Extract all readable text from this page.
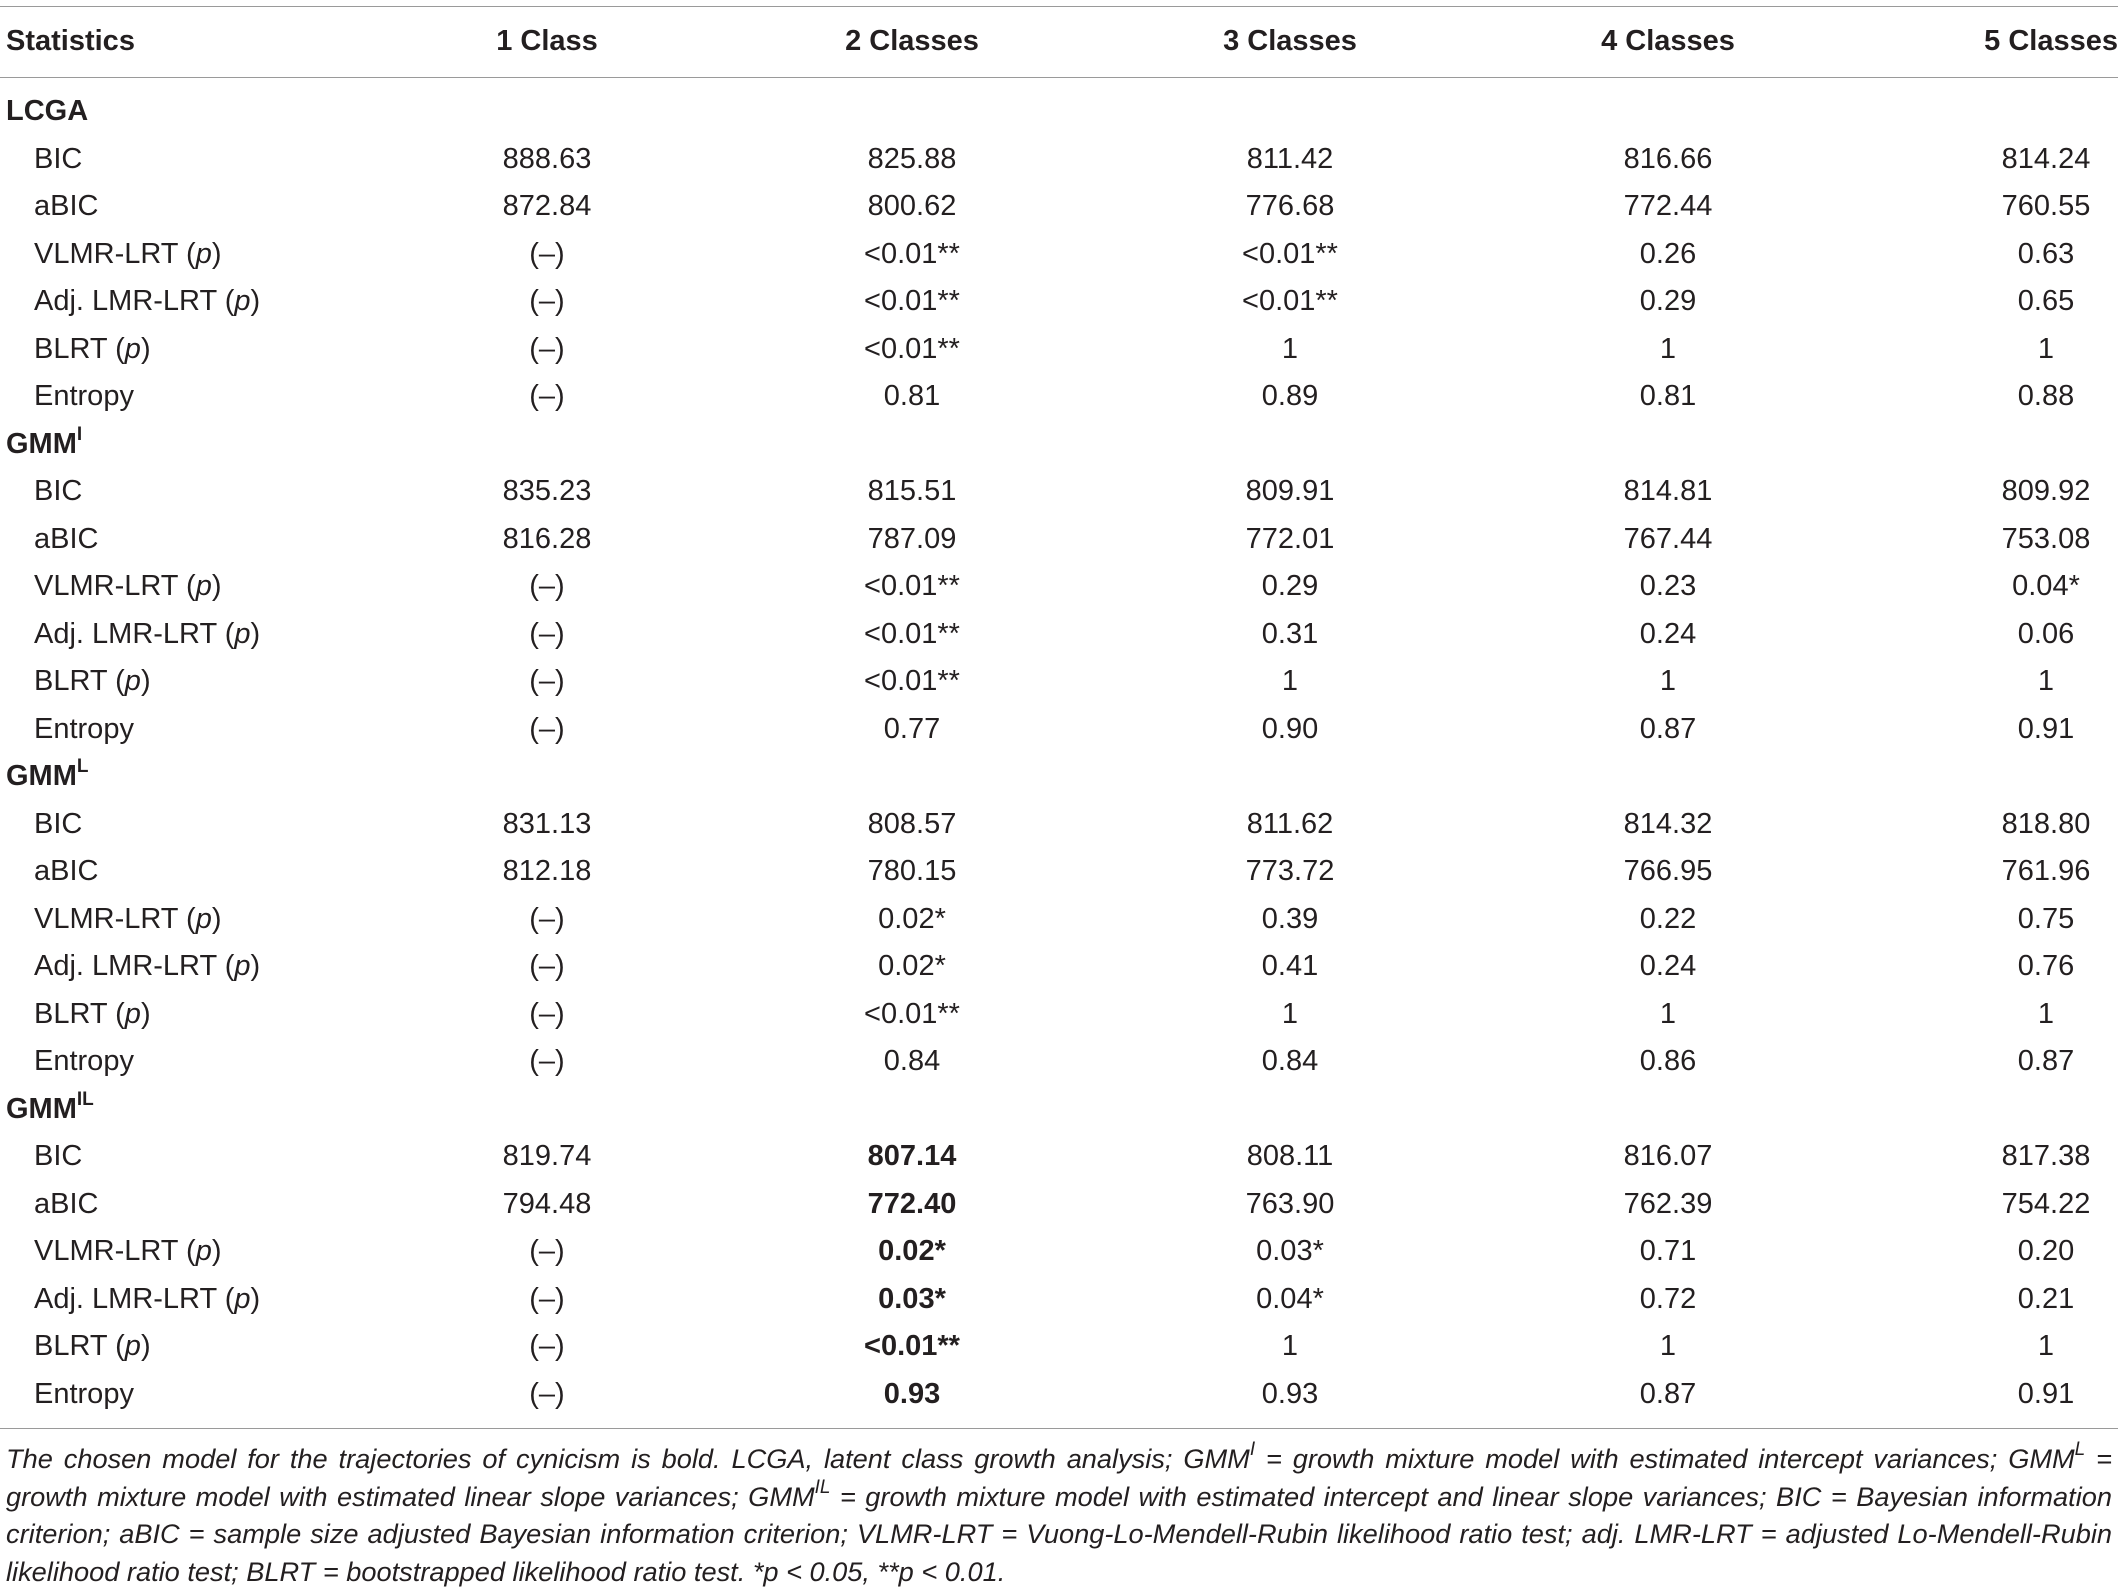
Statistics	1 Class	2 Classes	3 Classes	4 Classes	5 Classes
LCGA
BIC	888.63	825.88	811.42	816.66	814.24
aBIC	872.84	800.62	776.68	772.44	760.55
VLMR-LRT (p)	(–)	<0.01**	<0.01**	0.26	0.63
Adj. LMR-LRT (p)	(–)	<0.01**	<0.01**	0.29	0.65
BLRT (p)	(–)	<0.01**	1	1	1
Entropy	(–)	0.81	0.89	0.81	0.88
$GMM^I$
BIC	835.23	815.51	809.91	814.81	809.92
aBIC	816.28	787.09	772.01	767.44	753.08
VLMR-LRT (p)	(–)	<0.01**	0.29	0.23	0.04*
Adj. LMR-LRT (p)	(–)	<0.01**	0.31	0.24	0.06
BLRT (p)	(–)	<0.01**	1	1	1
Entropy	(–)	0.77	0.90	0.87	0.91
$GMM^L$
BIC	831.13	808.57	811.62	814.32	818.80
aBIC	812.18	780.15	773.72	766.95	761.96
VLMR-LRT (p)	(–)	0.02*	0.39	0.22	0.75
Adj. LMR-LRT (p)	(–)	0.02*	0.41	0.24	0.76
BLRT (p)	(–)	<0.01**	1	1	1
Entropy	(–)	0.84	0.84	0.86	0.87
$GMM^{IL}$
BIC	819.74	807.14	808.11	816.07	817.38
aBIC	794.48	772.40	763.90	762.39	754.22
VLMR-LRT (p)	(–)	0.02*	0.03*	0.71	0.20
Adj. LMR-LRT (p)	(–)	0.03*	0.04*	0.72	0.21
BLRT (p)	(–)	<0.01**	1	1	1
Entropy	(–)	0.93	0.93	0.87	0.91
The chosen model for the trajectories of cynicism is bold. LCGA, latent class growth analysis; $GMM^I$ = growth mixture model with estimated intercept variances; $GMM^L$ = growth mixture model with estimated linear slope variances; $GMM^{IL}$ = growth mixture model with estimated intercept and linear slope variances; BIC = Bayesian information criterion; aBIC = sample size adjusted Bayesian information criterion; VLMR-LRT = Vuong-Lo-Mendell-Rubin likelihood ratio test; adj. LMR-LRT = adjusted Lo-Mendell-Rubin likelihood ratio test; BLRT = bootstrapped likelihood ratio test. *p < 0.05, **p < 0.01.
